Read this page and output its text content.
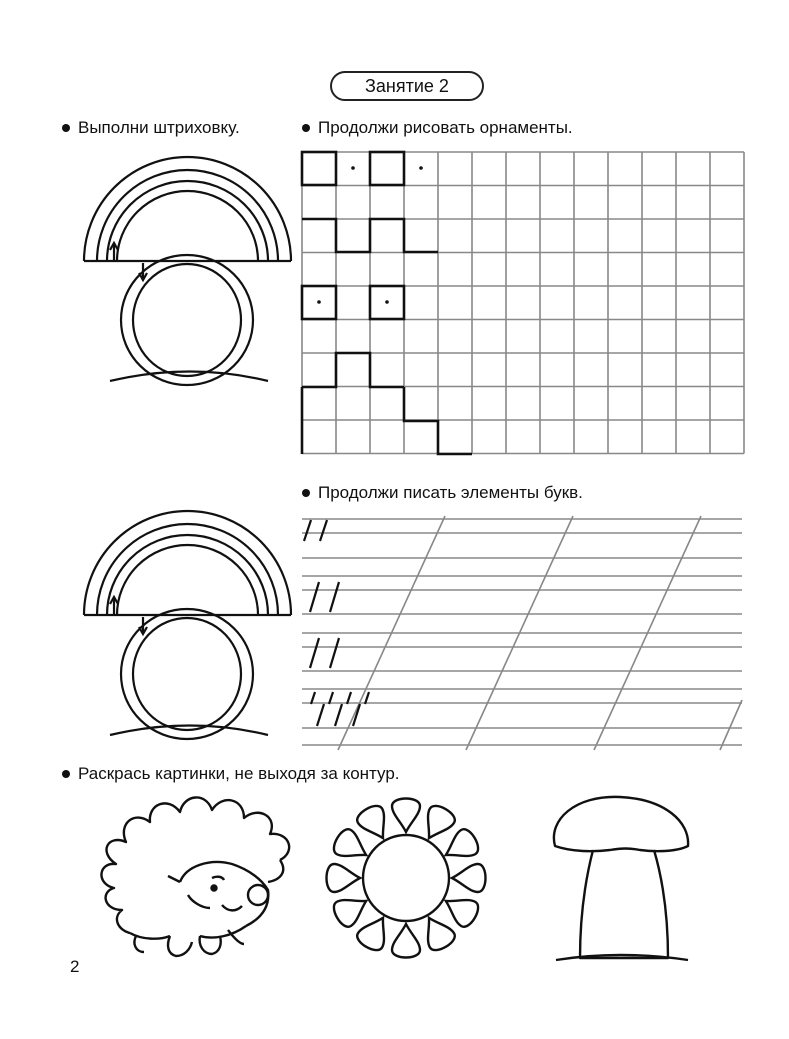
Занятие 2
Выполни штриховку.	Продолжи рисовать орнаменты.
Продолжи писать элементы букв.
Раскрась картинки, не выходя за контур.
2
